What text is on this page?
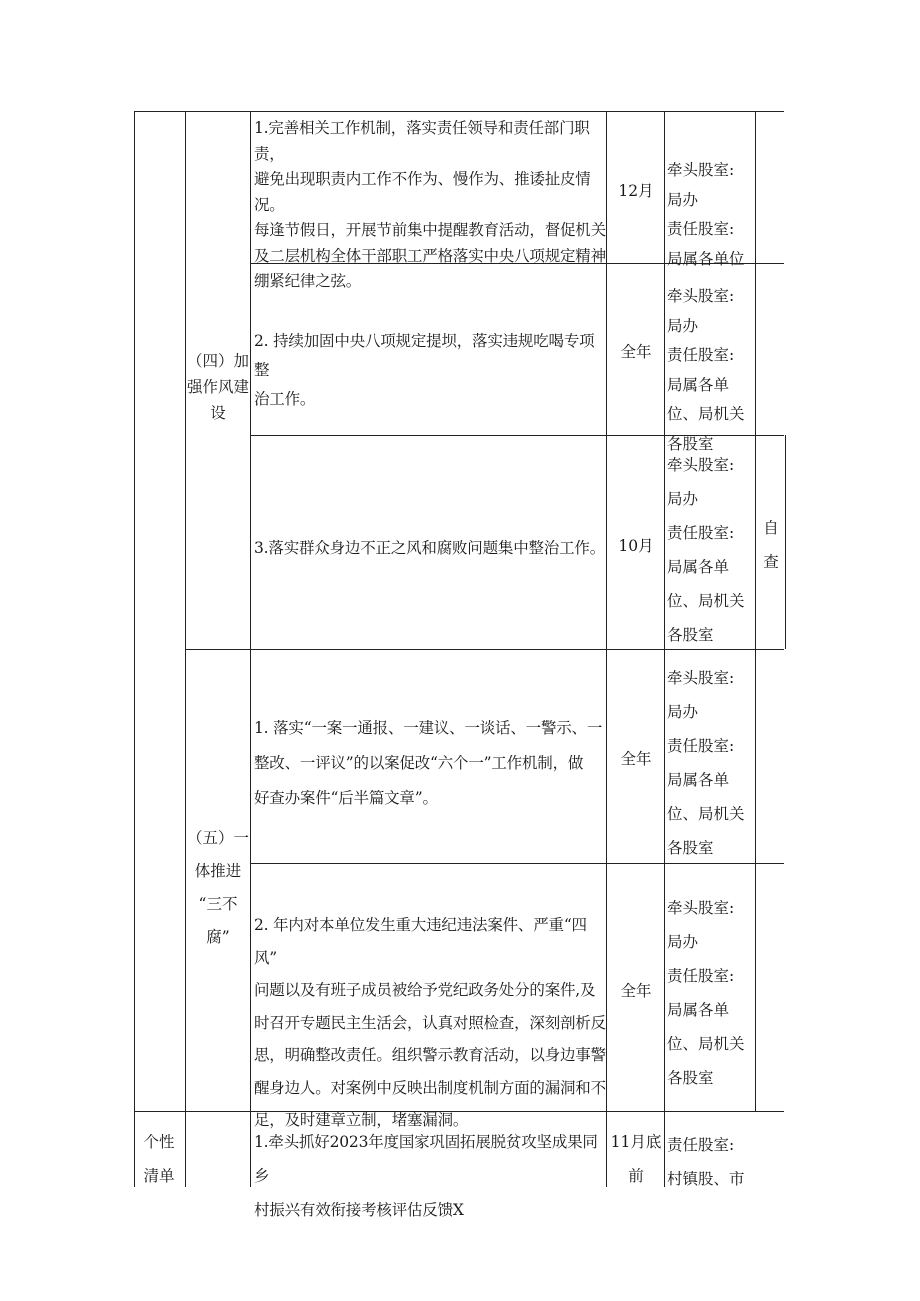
（四）加
强作风建
设
（五）一
体推进
“三不
腐”
个性
清单
1.完善相关工作机制，落实责任领导和责任部门职责，
避免出现职责内工作不作为、慢作为、推诿扯皮情况。
每逢节假日，开展节前集中提醒教育活动，督促机关
及二层机构全体干部职工严格落实中央八项规定精神
绷紧纪律之弦。
12月
牵头股室:
局办
责任股室:
局属各单位
2. 持续加固中央八项规定提坝，落实违规吃喝专项整
治工作。
全年
牵头股室:
局办
责任股室:
局属各单
位、局机关
各股室
3.落实群众身边不正之风和腐败问题集中整治工作。 10月
牵头股室:
局办
责任股室:
局属各单
位、局机关
各股室
自
查
1. 落实“一案一通报、一建议、一谈话、一警示、一
整改、一评议”的以案促改“六个一”工作机制，做
好查办案件“后半篇文章”。
全年
牵头股室:
局办
责任股室:
局属各单
位、局机关
各股室
2. 年内对本单位发生重大违纪违法案件、严重“四风”
问题以及有班子成员被给予党纪政务处分的案件,及
时召开专题民主生活会，认真对照检查，深刻剖析反
思，明确整改责任。组织警示教育活动，以身边事警
醒身边人。对案例中反映出制度机制方面的漏洞和不
足，及时建章立制，堵塞漏洞。
全年
牵头股室:
局办
责任股室:
局属各单
位、局机关
各股室
1.牵头抓好2023年度国家巩固拓展脱贫攻坚成果同乡
村振兴有效衔接考核评估反馈X
11月底
前
责任股室:
村镇股、市
